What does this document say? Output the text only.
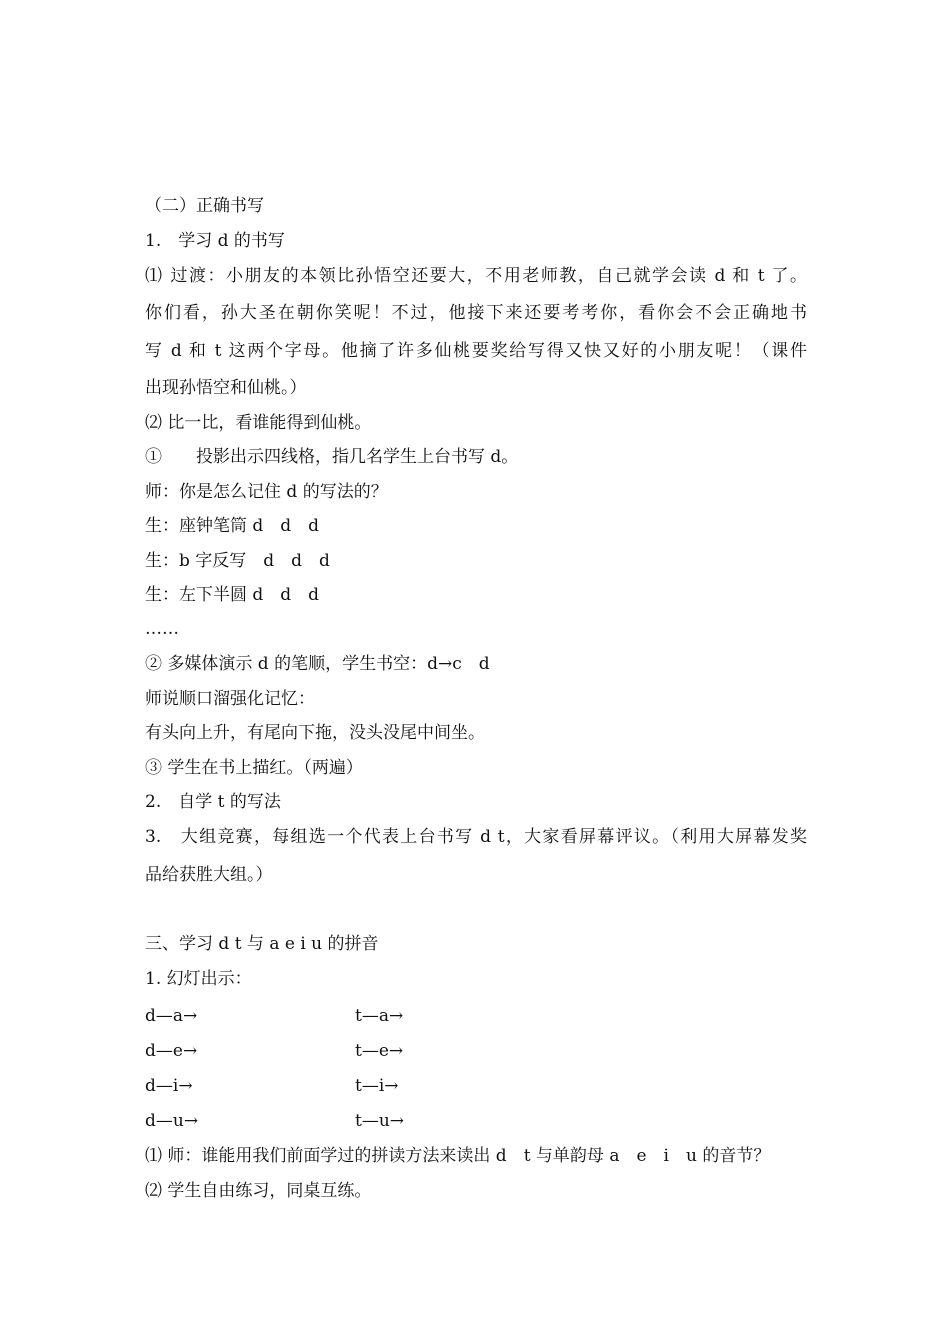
（二）正确书写
1.　学习 d 的书写
⑴ 过渡：小朋友的本领比孙悟空还要大，不用老师教，自己就学会读 d 和 t 了。
你们看，孙大圣在朝你笑呢！不过，他接下来还要考考你，看你会不会正确地书
写 d 和 t 这两个字母。他摘了许多仙桃要奖给写得又快又好的小朋友呢！（课件
出现孙悟空和仙桃。）
⑵ 比一比，看谁能得到仙桃。
①　　投影出示四线格，指几名学生上台书写 d。
师：你是怎么记住 d 的写法的？
生：座钟笔筒 d　d　d
生：b 字反写　d　d　d
生：左下半圆 d　d　d
……
② 多媒体演示 d 的笔顺，学生书空：d→c　d
师说顺口溜强化记忆：
有头向上升，有尾向下拖，没头没尾中间坐。
③ 学生在书上描红。（两遍）
2.　自学 t 的写法
3.　大组竞赛，每组选一个代表上台书写 d t，大家看屏幕评议。（利用大屏幕发奖
品给获胜大组。）
三、学习 d t 与 a e i u 的拼音
1. 幻灯出示：
d—a→	t—a→
d—e→	t—e→
d—i→	t—i→
d—u→	t—u→
⑴ 师：谁能用我们前面学过的拼读方法来读出 d　t 与单韵母 a　e　i　u 的音节？
⑵ 学生自由练习，同桌互练。
